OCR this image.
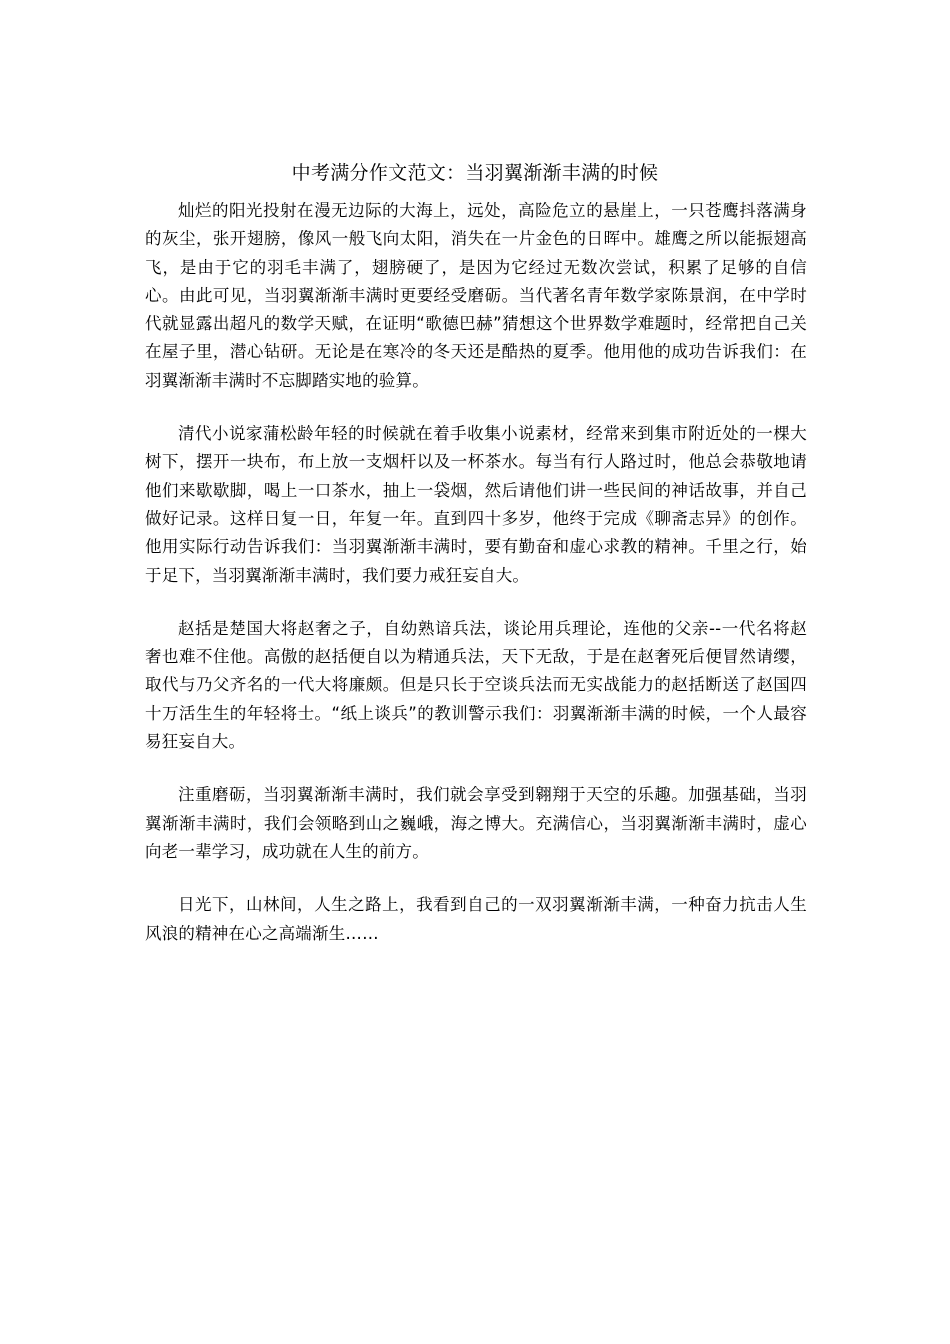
中考满分作文范文：当羽翼渐渐丰满的时候

灿烂的阳光投射在漫无边际的大海上，远处，高险危立的悬崖上，一只苍鹰抖落满身的灰尘，张开翅膀，像风一般飞向太阳，消失在一片金色的日晖中。雄鹰之所以能振翅高飞，是由于它的羽毛丰满了，翅膀硬了，是因为它经过无数次尝试，积累了足够的自信心。由此可见，当羽翼渐渐丰满时更要经受磨砺。当代著名青年数学家陈景润，在中学时代就显露出超凡的数学天赋，在证明“歌德巴赫”猜想这个世界数学难题时，经常把自己关在屋子里，潜心钻研。无论是在寒冷的冬天还是酷热的夏季。他用他的成功告诉我们：在羽翼渐渐丰满时不忘脚踏实地的验算。

清代小说家蒲松龄年轻的时候就在着手收集小说素材，经常来到集市附近处的一棵大树下，摆开一块布，布上放一支烟杆以及一杯茶水。每当有行人路过时，他总会恭敬地请他们来歇歇脚，喝上一口茶水，抽上一袋烟，然后请他们讲一些民间的神话故事，并自己做好记录。这样日复一日，年复一年。直到四十多岁，他终于完成《聊斋志异》的创作。他用实际行动告诉我们：当羽翼渐渐丰满时，要有勤奋和虚心求教的精神。千里之行，始于足下，当羽翼渐渐丰满时，我们要力戒狂妄自大。

赵括是楚国大将赵奢之子，自幼熟谙兵法，谈论用兵理论，连他的父亲--一代名将赵奢也难不住他。高傲的赵括便自以为精通兵法，天下无敌，于是在赵奢死后便冒然请缨，取代与乃父齐名的一代大将廉颇。但是只长于空谈兵法而无实战能力的赵括断送了赵国四十万活生生的年轻将士。“纸上谈兵”的教训警示我们：羽翼渐渐丰满的时候，一个人最容易狂妄自大。

注重磨砺，当羽翼渐渐丰满时，我们就会享受到翱翔于天空的乐趣。加强基础，当羽翼渐渐丰满时，我们会领略到山之巍峨，海之博大。充满信心，当羽翼渐渐丰满时，虚心向老一辈学习，成功就在人生的前方。

日光下，山林间，人生之路上，我看到自己的一双羽翼渐渐丰满，一种奋力抗击人生风浪的精神在心之高端渐生……
